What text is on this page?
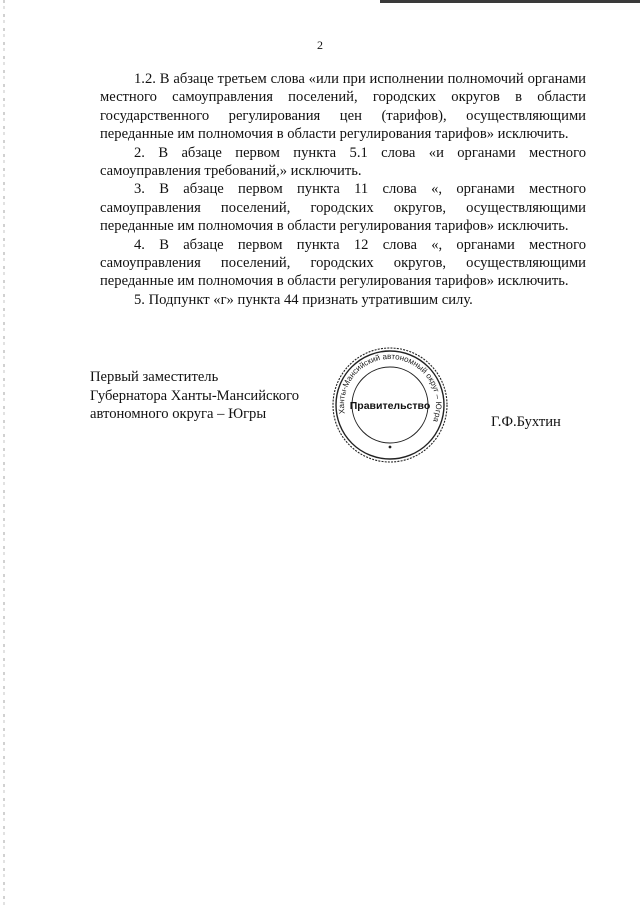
2

1.2. В абзаце третьем слова «или при исполнении полномочий органами местного самоуправления поселений, городских округов в области государственного регулирования цен (тарифов), осуществляющими переданные им полномочия в области регулирования тарифов» исключить.

2. В абзаце первом пункта 5.1 слова «и органами местного самоуправления требований,» исключить.

3. В абзаце первом пункта 11 слова «, органами местного самоуправления поселений, городских округов, осуществляющими переданные им полномочия в области регулирования тарифов» исключить.

4. В абзаце первом пункта 12 слова «, органами местного самоуправления поселений, городских округов, осуществляющими переданные им полномочия в области регулирования тарифов» исключить.

5. Подпункт «г» пункта 44 признать утратившим силу.

Первый заместитель
Губернатора Ханты-Мансийского
автономного округа – Югры	Ханты-Мансийский автономный округ – Югра
Правительство
Г.Ф.Бухтин
